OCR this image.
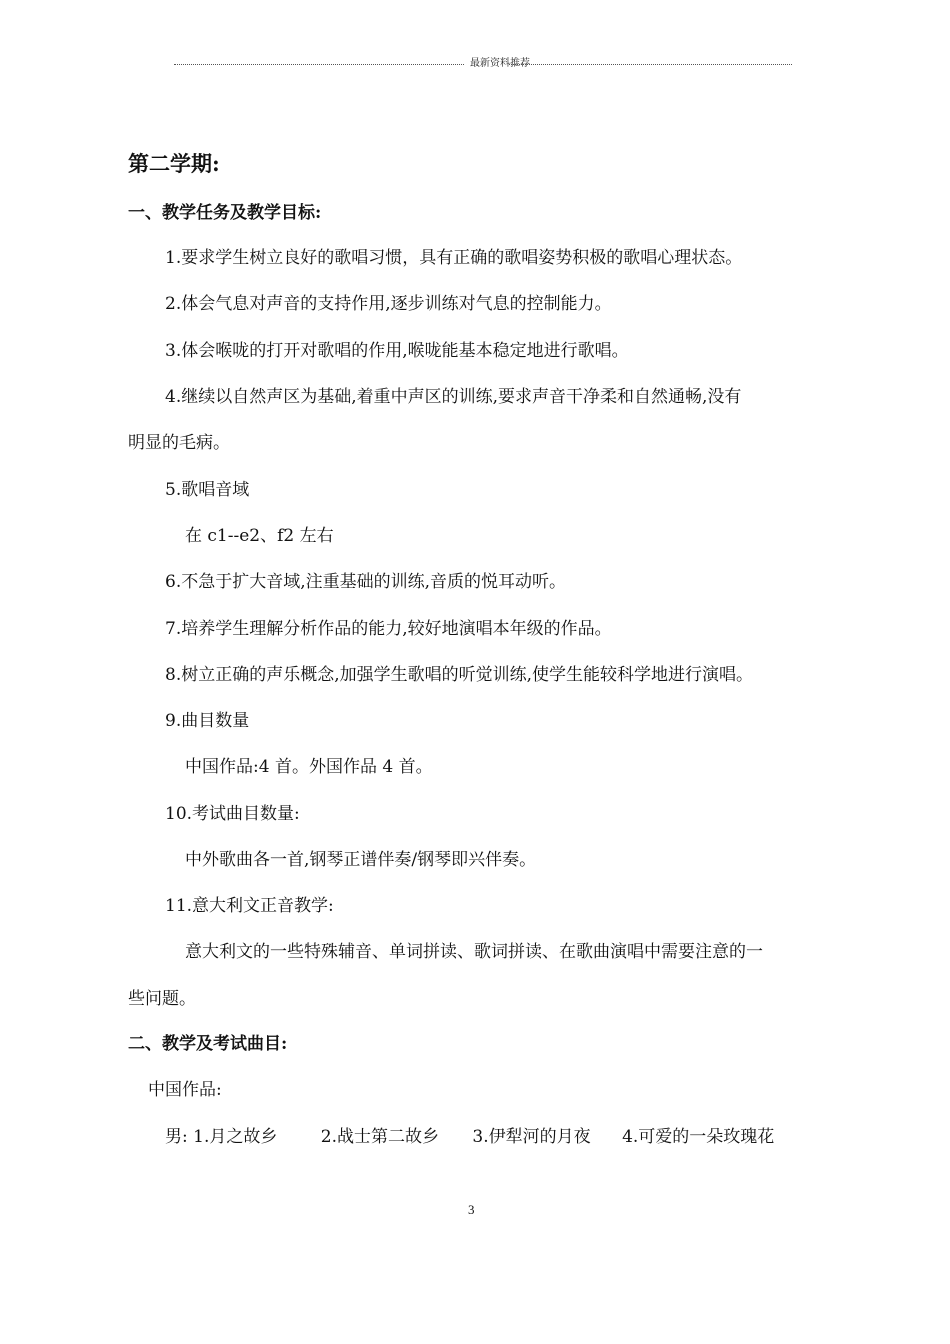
最新资料推荐
第二学期:
一、教学任务及教学目标:
1.要求学生树立良好的歌唱习惯，具有正确的歌唱姿势积极的歌唱心理状态。
2.体会气息对声音的支持作用,逐步训练对气息的控制能力。
3.体会喉咙的打开对歌唱的作用,喉咙能基本稳定地进行歌唱。
4.继续以自然声区为基础,着重中声区的训练,要求声音干净柔和自然通畅,没有
明显的毛病。
5.歌唱音域
在 c1--e2、f2 左右
6.不急于扩大音域,注重基础的训练,音质的悦耳动听。
7.培养学生理解分析作品的能力,较好地演唱本年级的作品。
8.树立正确的声乐概念,加强学生歌唱的听觉训练,使学生能较科学地进行演唱。
9.曲目数量
中国作品:4 首。外国作品 4 首。
10.考试曲目数量:
中外歌曲各一首,钢琴正谱伴奏/钢琴即兴伴奏。
11.意大利文正音教学:
意大利文的一些特殊辅音、单词拼读、歌词拼读、在歌曲演唱中需要注意的一
些问题。
二、教学及考试曲目:
中国作品:
男: 1.月之故乡	2.战士第二故乡 3.伊犁河的月夜 4.可爱的一朵玫瑰花
3
